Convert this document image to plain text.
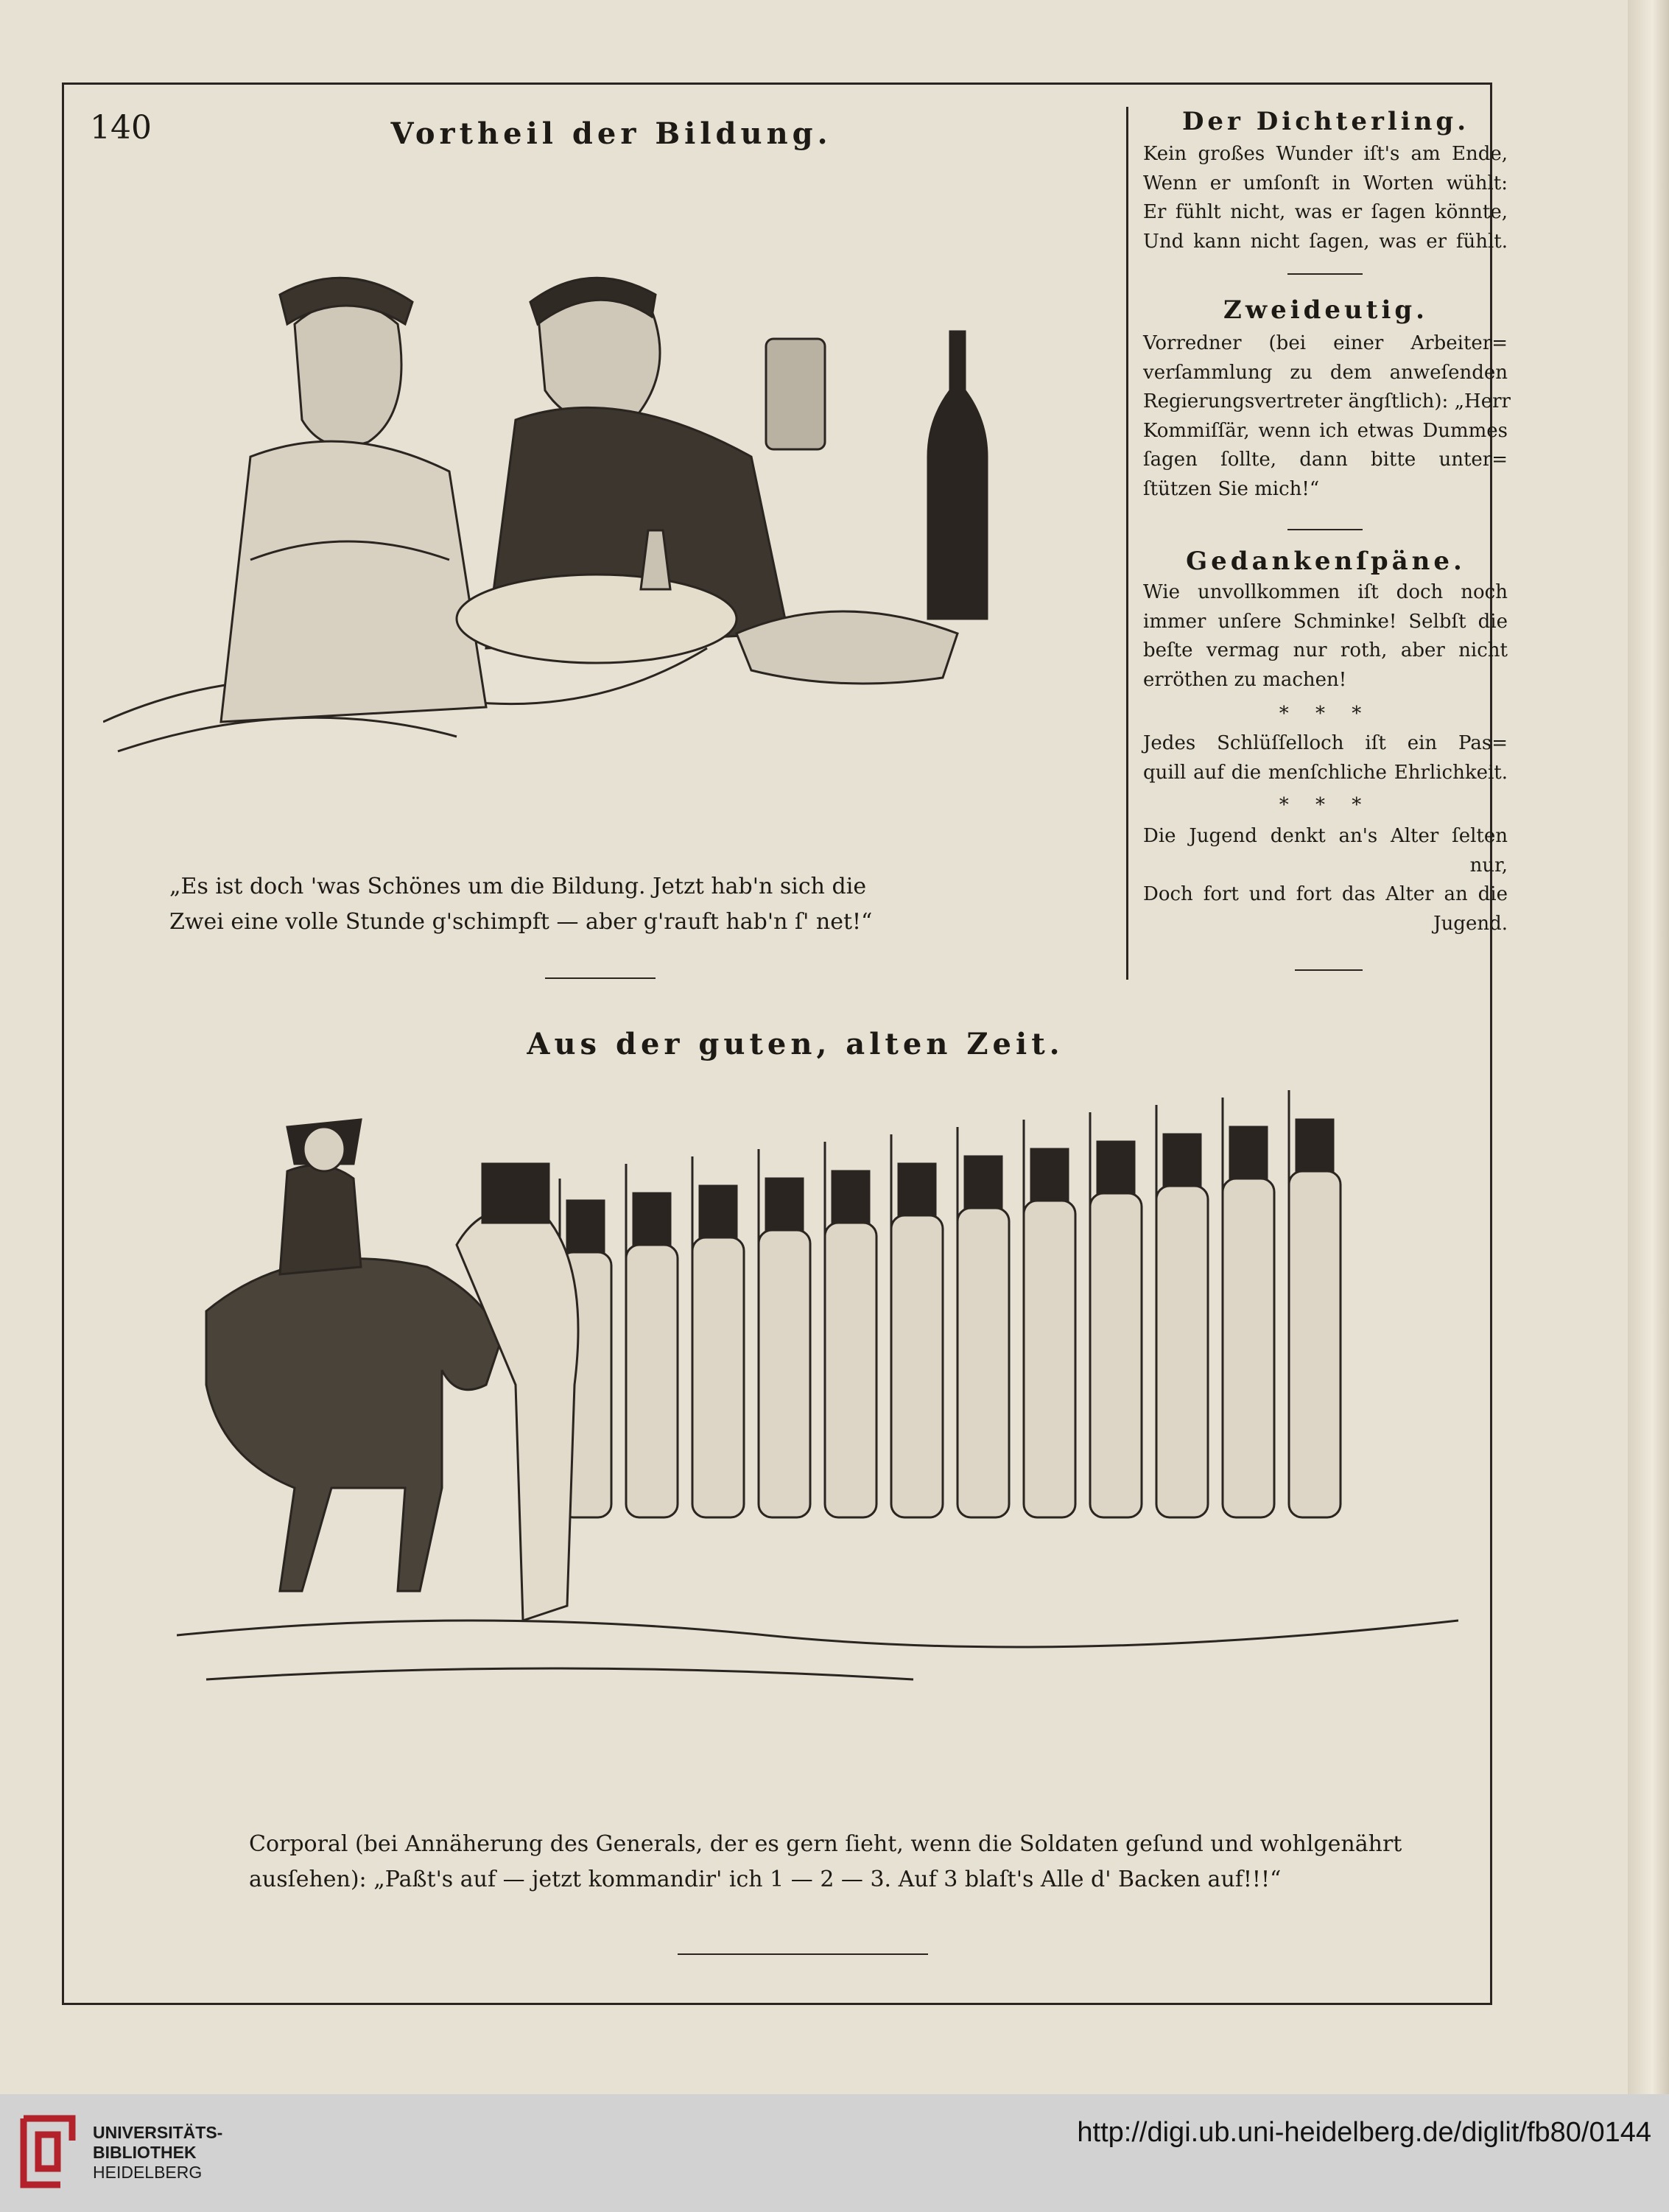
140	Vortheil der Bildung.
„Es ist doch 'was Schönes um die Bildung. Jetzt hab'n sich die
Zwei eine volle Stunde g'schimpft — aber g'rauft hab'n ſ' net!“
Der Dichterling.
Kein großes Wunder iſt's am Ende,
Wenn er umſonſt in Worten wühlt:
Er fühlt nicht, was er ſagen könnte,
Und kann nicht ſagen, was er fühlt.
Zweideutig.
Vorredner (bei einer Arbeiter=
verſammlung zu dem anweſenden
Regierungsvertreter ängſtlich): „Herr
Kommiſſär, wenn ich etwas Dummes
ſagen ſollte, dann bitte unter=
ſtützen Sie mich!“
Gedankenſpäne.
Wie unvollkommen iſt doch noch
immer unſere Schminke! Selbſt die
beſte vermag nur roth, aber nicht
erröthen zu machen!
* * *
Jedes Schlüſſelloch iſt ein Pas=
quill auf die menſchliche Ehrlichkeit.
* * *
Die Jugend denkt an's Alter ſelten
nur,
Doch fort und fort das Alter an die
Jugend.
Aus der guten, alten Zeit.
Corporal (bei Annäherung des Generals, der es gern ſieht, wenn die Soldaten geſund und wohlgenährt
ausſehen): „Paßt's auf — jetzt kommandir' ich 1 — 2 — 3. Auf 3 blaſt's Alle d' Backen auf!!!“
UNIVERSITÄTS-
BIBLIOTHEK
HEIDELBERG
http://digi.ub.uni-heidelberg.de/diglit/fb80/0144
